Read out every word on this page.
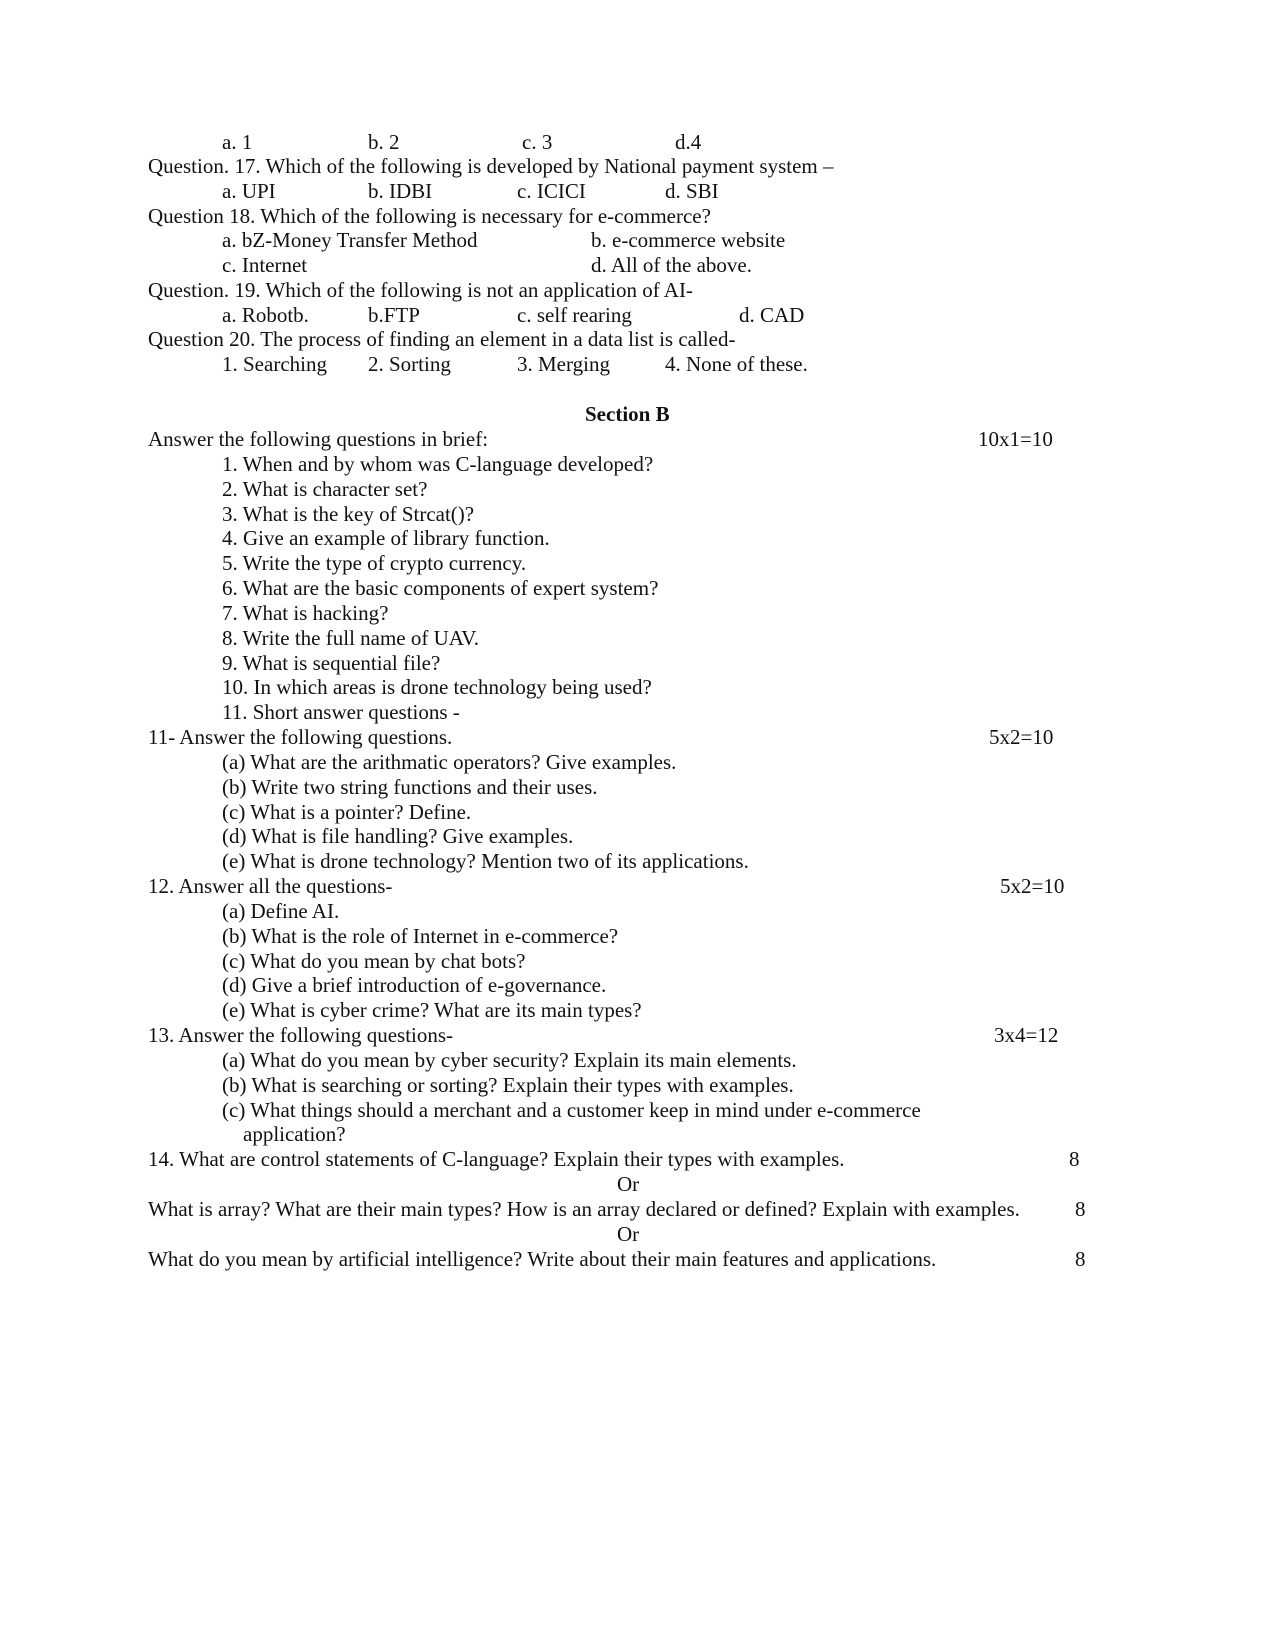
a. 1	b. 2	c. 3	d.4
Question. 17. Which of the following is developed by National payment system –
a. UPI	b. IDBI	c. ICICI	d. SBI
Question 18. Which of the following is necessary for e-commerce?
a. bZ-Money Transfer Method	b. e-commerce website
c. Internet	d. All of the above.
Question. 19. Which of the following is not an application of AI-
a. Robotb.	b.FTP	c. self rearing	d. CAD
Question 20. The process of finding an element in a data list is called-
1. Searching 2. Sorting	3. Merging	4. None of these.
Section B
Answer the following questions in brief:	10x1=10
1. When and by whom was C-language developed?
2. What is character set?
3. What is the key of Strcat()?
4. Give an example of library function.
5. Write the type of crypto currency.
6. What are the basic components of expert system?
7. What is hacking?
8. Write the full name of UAV.
9. What is sequential file?
10. In which areas is drone technology being used?
11. Short answer questions -
11- Answer the following questions.	5x2=10
(a) What are the arithmatic operators? Give examples.
(b) Write two string functions and their uses.
(c) What is a pointer? Define.
(d) What is file handling? Give examples.
(e) What is drone technology? Mention two of its applications.
12. Answer all the questions-	5x2=10
(a) Define AI.
(b) What is the role of Internet in e-commerce?
(c) What do you mean by chat bots?
(d) Give a brief introduction of e-governance.
(e) What is cyber crime? What are its main types?
13. Answer the following questions-	3x4=12
(a) What do you mean by cyber security? Explain its main elements.
(b) What is searching or sorting? Explain their types with examples.
(c) What things should a merchant and a customer keep in mind under e-commerce
application?
14. What are control statements of C-language? Explain their types with examples.	8
Or
What is array? What are their main types? How is an array declared or defined? Explain with examples.	8
Or
What do you mean by artificial intelligence? Write about their main features and applications.	8
